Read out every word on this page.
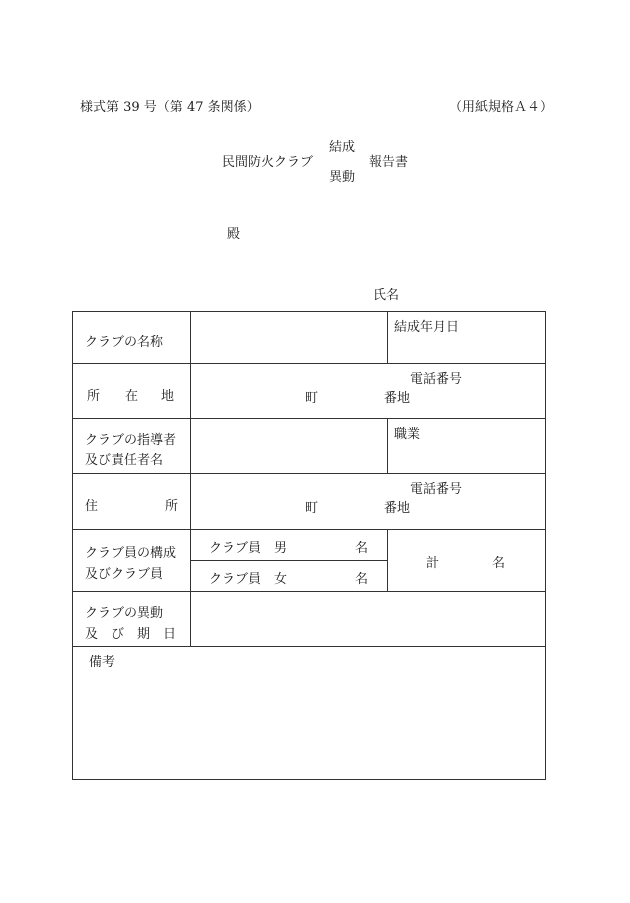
様式第 39 号（第 47 条関係）	（用紙規格Ａ４）
民間防火クラブ
結成
異動
報告書
殿
氏名
クラブの名称		結成年月日

所 在 地	電話番号
町 番地	

クラブの指導者
及び責任者名		職業

住 所	電話番号
町 番地	

クラブ員の構成
及びクラブ員	クラブ員　男 名	計 名

	クラブ員　女 名	

クラブの異動
及　び　期　日		

備考		
